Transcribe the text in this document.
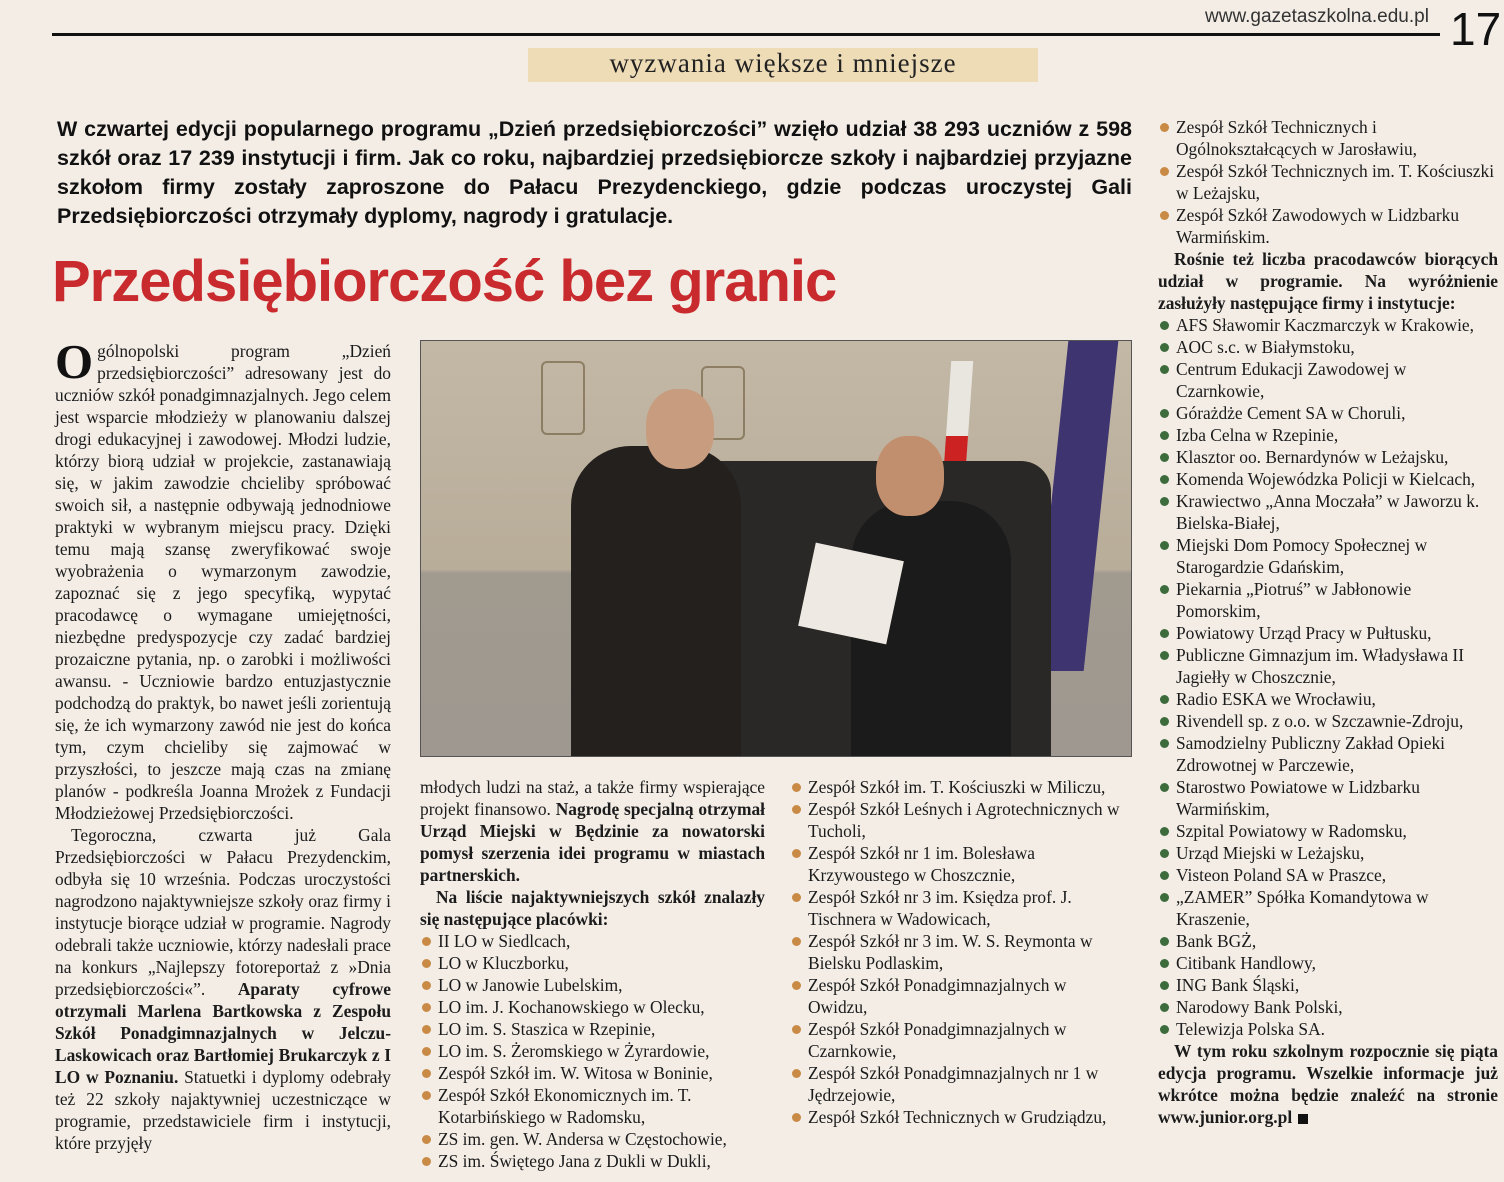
www.gazetaszkolna.edu.pl 17
wyzwania większe i mniejsze
W czwartej edycji popularnego programu „Dzień przedsiębiorczości” wzięło udział 38 293 uczniów z 598 szkół oraz 17 239 instytucji i firm. Jak co roku, najbardziej przedsiębiorcze szkoły i najbardziej przyjazne szkołom firmy zostały zaproszone do Pałacu Prezydenckiego, gdzie podczas uroczystej Gali Przedsiębiorczości otrzymały dyplomy, nagrody i gratulacje.
Przedsiębiorczość bez granic

Ogólnopolski program „Dzień przedsiębiorczości” adresowany jest do uczniów szkół ponadgimnazjalnych. Jego celem jest wsparcie młodzieży w planowaniu dalszej drogi edukacyjnej i zawodowej. Młodzi ludzie, którzy biorą udział w projekcie, zastanawiają się, w jakim zawodzie chcieliby spróbować swoich sił, a następnie odbywają jednodniowe praktyki w wybranym miejscu pracy. Dzięki temu mają szansę zweryfikować swoje wyobrażenia o wymarzonym zawodzie, zapoznać się z jego specyfiką, wypytać pracodawcę o wymagane umiejętności, niezbędne predyspozycje czy zadać bardziej prozaiczne pytania, np. o zarobki i możliwości awansu. - Uczniowie bardzo entuzjastycznie podchodzą do praktyk, bo nawet jeśli zorientują się, że ich wymarzony zawód nie jest do końca tym, czym chcieliby się zajmować w przyszłości, to jeszcze mają czas na zmianę planów - podkreśla Joanna Mrożek z Fundacji Młodzieżowej Przedsiębiorczości.

Tegoroczna, czwarta już Gala Przedsiębiorczości w Pałacu Prezydenckim, odbyła się 10 września. Podczas uroczystości nagrodzono najaktywniejsze szkoły oraz firmy i instytucje biorące udział w programie. Nagrody odebrali także uczniowie, którzy nadesłali prace na konkurs „Najlepszy fotoreportaż z »Dnia przedsiębiorczości«”. Aparaty cyfrowe otrzymali Marlena Bartkowska z Zespołu Szkół Ponadgimnazjalnych w Jelczu-Laskowicach oraz Bartłomiej Brukarczyk z I LO w Poznaniu. Statuetki i dyplomy odebrały też 22 szkoły najaktywniej uczestniczące w programie, przedstawiciele firm i instytucji, które przyjęły

młodych ludzi na staż, a także firmy wspierające projekt finansowo. Nagrodę specjalną otrzymał Urząd Miejski w Będzinie za nowatorski pomysł szerzenia idei programu w miastach partnerskich.

Na liście najaktywniejszych szkół znalazły się następujące placówki:

II LO w Siedlcach,
LO w Kluczborku,
LO w Janowie Lubelskim,
LO im. J. Kochanowskiego w Olecku,
LO im. S. Staszica w Rzepinie,
LO im. S. Żeromskiego w Żyrardowie,
Zespół Szkół im. W. Witosa w Boninie,
Zespół Szkół Ekonomicznych im. T. Kotarbińskiego w Radomsku,
ZS im. gen. W. Andersa w Częstochowie,
ZS im. Świętego Jana z Dukli w Dukli,
Zespół Szkół im. T. Kościuszki w Miliczu,
Zespół Szkół Leśnych i Agrotechnicznych w Tucholi,
Zespół Szkół nr 1 im. Bolesława Krzywoustego w Choszcznie,
Zespół Szkół nr 3 im. Księdza prof. J. Tischnera w Wadowicach,
Zespół Szkół nr 3 im. W. S. Reymonta w Bielsku Podlaskim,
Zespół Szkół Ponadgimnazjalnych w Owidzu,
Zespół Szkół Ponadgimnazjalnych w Czarnkowie,
Zespół Szkół Ponadgimnazjalnych nr 1 w Jędrzejowie,
Zespół Szkół Technicznych w Grudziądzu,
Zespół Szkół Technicznych i Ogólnokształcących w Jarosławiu,
Zespół Szkół Technicznych im. T. Kościuszki w Leżajsku,
Zespół Szkół Zawodowych w Lidzbarku Warmińskim.

Rośnie też liczba pracodawców biorących udział w programie. Na wyróżnienie zasłużyły następujące firmy i instytucje:

AFS Sławomir Kaczmarczyk w Krakowie,
AOC s.c. w Białymstoku,
Centrum Edukacji Zawodowej w Czarnkowie,
Górażdże Cement SA w Choruli,
Izba Celna w Rzepinie,
Klasztor oo. Bernardynów w Leżajsku,
Komenda Wojewódzka Policji w Kielcach,
Krawiectwo „Anna Moczała” w Jaworzu k. Bielska-Białej,
Miejski Dom Pomocy Społecznej w Starogardzie Gdańskim,
Piekarnia „Piotruś” w Jabłonowie Pomorskim,
Powiatowy Urząd Pracy w Pułtusku,
Publiczne Gimnazjum im. Władysława II Jagiełły w Choszcznie,
Radio ESKA we Wrocławiu,
Rivendell sp. z o.o. w Szczawnie-Zdroju,
Samodzielny Publiczny Zakład Opieki Zdrowotnej w Parczewie,
Starostwo Powiatowe w Lidzbarku Warmińskim,
Szpital Powiatowy w Radomsku,
Urząd Miejski w Leżajsku,
Visteon Poland SA w Praszce,
„ZAMER” Spółka Komandytowa w Kraszenie,
Bank BGŻ,
Citibank Handlowy,
ING Bank Śląski,
Narodowy Bank Polski,
Telewizja Polska SA.

W tym roku szkolnym rozpocznie się piąta edycja programu. Wszelkie informacje już wkrótce można będzie znaleźć na stronie www.junior.org.pl
